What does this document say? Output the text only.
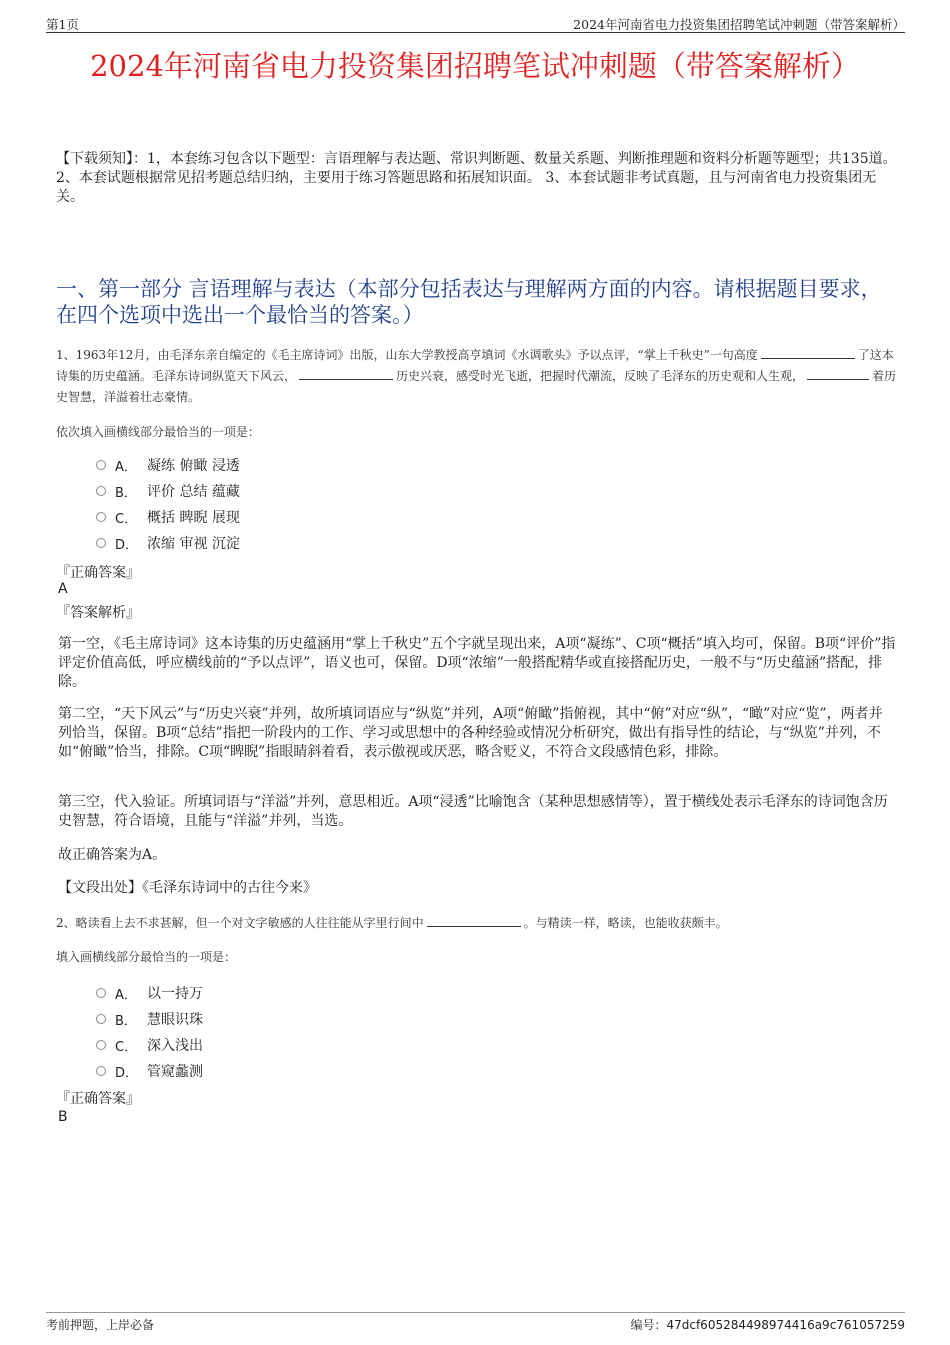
第1页	2024年河南省电力投资集团招聘笔试冲刺题（带答案解析）
2024年河南省电力投资集团招聘笔试冲刺题（带答案解析）
【下载须知】：1，本套练习包含以下题型：言语理解与表达题、常识判断题、数量关系题、判断推理题和资料分析题等题型；共135道。 2、本套试题根据常见招考题总结归纳，主要用于练习答题思路和拓展知识面。 3、本套试题非考试真题，且与河南省电力投资集团无关。
一、第一部分 言语理解与表达（本部分包括表达与理解两方面的内容。请根据题目要求，在四个选项中选出一个最恰当的答案。）
1、1963年12月，由毛泽东亲自编定的《毛主席诗词》出版，山东大学教授高亨填词《水调歌头》予以点评，“掌上千秋史”一句高度	了这本诗集的历史蕴涵。毛泽东诗词纵览天下风云，	历史兴衰，感受时光飞逝，把握时代潮流，反映了毛泽东的历史观和人生观，	着历史智慧，洋溢着壮志豪情。
依次填入画横线部分最恰当的一项是：
A． 凝练 俯瞰 浸透
B． 评价 总结 蕴藏
C． 概括 睥睨 展现
D． 浓缩 审视 沉淀
『正确答案』
A
『答案解析』
第一空，《毛主席诗词》这本诗集的历史蕴涵用“掌上千秋史”五个字就呈现出来，A项“凝练”、C项“概括”填入均可，保留。B项“评价”指评定价值高低，呼应横线前的“予以点评”，语义也可，保留。D项“浓缩”一般搭配精华或直接搭配历史，一般不与“历史蕴涵”搭配，排除。
第二空，“天下风云”与“历史兴衰”并列，故所填词语应与“纵览”并列，A项“俯瞰”指俯视，其中“俯”对应“纵”，“瞰”对应“览”，两者并列恰当，保留。B项“总结”指把一阶段内的工作、学习或思想中的各种经验或情况分析研究，做出有指导性的结论，与“纵览”并列，不如“俯瞰”恰当，排除。C项“睥睨”指眼睛斜着看，表示傲视或厌恶，略含贬义，不符合文段感情色彩，排除。
第三空，代入验证。所填词语与“洋溢”并列，意思相近。A项“浸透”比喻饱含（某种思想感情等），置于横线处表示毛泽东的诗词饱含历史智慧，符合语境，且能与“洋溢”并列，当选。
故正确答案为A。
【文段出处】《毛泽东诗词中的古往今来》
2、略读看上去不求甚解，但一个对文字敏感的人往往能从字里行间中	。与精读一样，略读，也能收获颇丰。
填入画横线部分最恰当的一项是：
A． 以一持万
B． 慧眼识珠
C． 深入浅出
D． 管窥蠡测
『正确答案』
B
考前押题，上岸必备	编号：47dcf605284498974416a9c761057259
